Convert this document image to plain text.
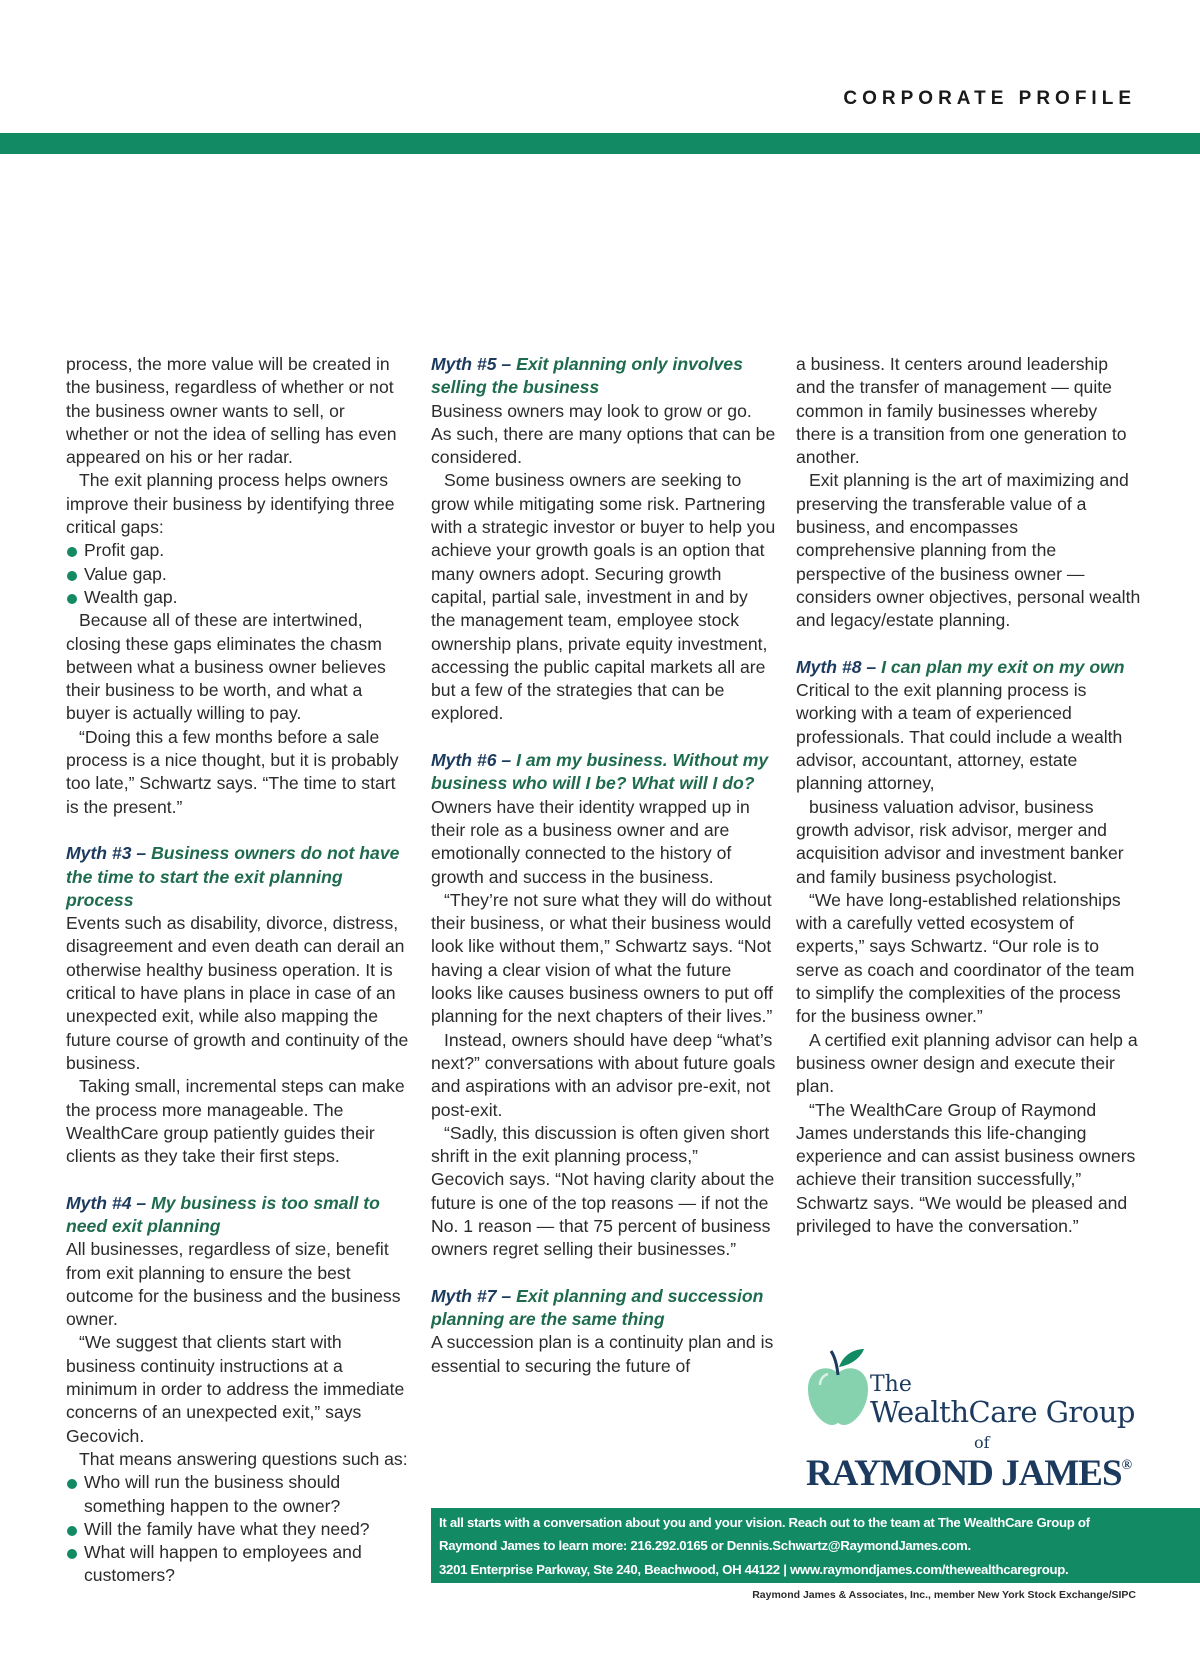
CORPORATE PROFILE

process, the more value will be created in the business, regardless of whether or not the business owner wants to sell, or whether or not the idea of selling has even appeared on his or her radar.

The exit planning process helps owners improve their business by identifying three critical gaps:

Profit gap.
Value gap.
Wealth gap.

Because all of these are intertwined, closing these gaps eliminates the chasm between what a business owner believes their business to be worth, and what a buyer is actually willing to pay.

“Doing this a few months before a sale process is a nice thought, but it is probably too late,” Schwartz says. “The time to start is the present.”

Myth #3 – Business owners do not have the time to start the exit planning process

Events such as disability, divorce, distress, disagreement and even death can derail an otherwise healthy business operation. It is critical to have plans in place in case of an unexpected exit, while also mapping the future course of growth and continuity of the business.

Taking small, incremental steps can make the process more manageable. The WealthCare group patiently guides their clients as they take their first steps.

Myth #4 – My business is too small to need exit planning

All businesses, regardless of size, benefit from exit planning to ensure the best outcome for the business and the business owner.

“We suggest that clients start with business continuity instructions at a minimum in order to address the immediate concerns of an unexpected exit,” says Gecovich.

That means answering questions such as:

Who will run the business should something happen to the owner?
Will the family have what they need?
What will happen to employees and customers?

Myth #5 – Exit planning only involves selling the business

Business owners may look to grow or go. As such, there are many options that can be considered.

Some business owners are seeking to grow while mitigating some risk. Partnering with a strategic investor or buyer to help you achieve your growth goals is an option that many owners adopt. Securing growth capital, partial sale, investment in and by the management team, employee stock ownership plans, private equity investment, accessing the public capital markets all are but a few of the strategies that can be explored.

Myth #6 – I am my business. Without my business who will I be? What will I do?

Owners have their identity wrapped up in their role as a business owner and are emotionally connected to the history of growth and success in the business.

“They’re not sure what they will do without their business, or what their business would look like without them,” Schwartz says. “Not having a clear vision of what the future looks like causes business owners to put off planning for the next chapters of their lives.”

Instead, owners should have deep “what’s next?” conversations with about future goals and aspirations with an advisor pre-exit, not post-exit.

“Sadly, this discussion is often given short shrift in the exit planning process,” Gecovich says. “Not having clarity about the future is one of the top reasons — if not the No. 1 reason — that 75 percent of business owners regret selling their businesses.”

Myth #7 – Exit planning and succession planning are the same thing

A succession plan is a continuity plan and is essential to securing the future of

a business. It centers around leadership and the transfer of management — quite common in family businesses whereby there is a transition from one generation to another.

Exit planning is the art of maximizing and preserving the transferable value of a business, and encompasses comprehensive planning from the perspective of the business owner — considers owner objectives, personal wealth and legacy/estate planning.

Myth #8 – I can plan my exit on my own

Critical to the exit planning process is working with a team of experienced professionals. That could include a wealth advisor, accountant, attorney, estate planning attorney,

business valuation advisor, business growth advisor, risk advisor, merger and acquisition advisor and investment banker and family business psychologist.

“We have long-established relationships with a carefully vetted ecosystem of experts,” says Schwartz. “Our role is to serve as coach and coordinator of the team to simplify the complexities of the process for the business owner.”

A certified exit planning advisor can help a business owner design and execute their plan.

“The WealthCare Group of Raymond James understands this life-changing experience and can assist business owners achieve their transition successfully,” Schwartz says. “We would be pleased and privileged to have the conversation.”

The
WealthCare Group
of
RAYMOND JAMES®

It all starts with a conversation about you and your vision. Reach out to the team at The WealthCare Group of

Raymond James to learn more: 216.292.0165 or Dennis.Schwartz@RaymondJames.com.

3201 Enterprise Parkway, Ste 240, Beachwood, OH 44122 | www.raymondjames.com/thewealthcaregroup.

Raymond James & Associates, Inc., member New York Stock Exchange/SIPC
